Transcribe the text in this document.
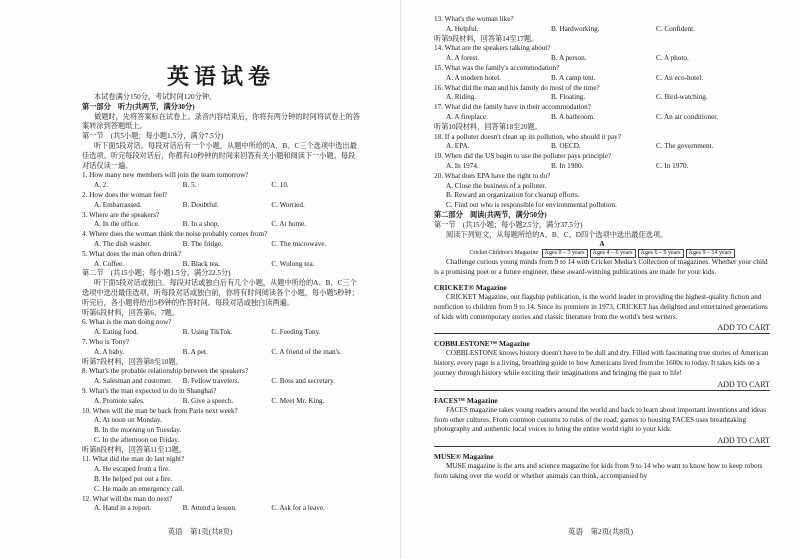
英语试卷

本试卷满分150分，考试时间120分钟。

第一部分　听力(共两节，满分30分)

做题时，先将答案标在试卷上。录音内容结束后，你将有两分钟的时间将试卷上的答案转涂到答题纸上。

第一节　(共5小题；每小题1.5分，满分7.5分)

听下面5段对话。每段对话后有一个小题，从题中所给的A、B、C三个选项中选出最佳选项。听完每段对话后，你都有10秒钟的时间来回答有关小题和阅读下一小题。每段对话仅读一遍。

1. How many new members will join the team tomorrow?

A. 2.	B. 5.	C. 10.

2. How does the woman feel?

A. Embarrassed.	B. Doubtful.	C. Worried.

3. Where are the speakers?

A. In the office.	B. In a shop.	C. At home.

4. Where does the woman think the noise probably comes from?

A. The dish washer.	B. The fridge.	C. The microwave.

5. What does the man often drink?

A. Coffee.	B. Black tea.	C. Wulong tea.

第二节　(共15小题；每小题1.5分，满分22.5分)

听下面5段对话或独白。每段对话或独白后有几个小题，从题中所给的A、B、C三个选项中选出最佳选项。听每段对话或独白前，你将有时间阅读各个小题，每小题5秒钟；听完后，各小题将给出5秒钟的作答时间。每段对话或独白读两遍。

听第6段材料，回答第6、7题。

6. What is the man doing now?

A. Eating food.	B. Using TikTok.	C. Feeding Tony.

7. Who is Tony?

A. A baby.	B. A pet.	C. A friend of the man's.

听第7段材料，回答第8至10题。

8. What's the probable relationship between the speakers?

A. Salesman and customer.	B. Fellow travelers.	C. Boss and secretary.

9. What's the man expected to do in Shanghai?

A. Promote sales.	B. Give a speech.	C. Meet Mr. King.

10. When will the man be back from Paris next week?

A. At noon on Monday.

B. In the morning on Tuesday.

C. In the afternoon on Friday.

听第8段材料，回答第11至13题。

11. What did the man do last night?

A. He escaped from a fire.

B. He helped put out a fire.

C. He made an emergency call.

12. What will the man do next?

A. Hand in a report.	B. Attend a lesson.	C. Ask for a leave.
英语　第1页(共8页)

13. What's the woman like?

A. Helpful.	B. Hardworking.	C. Confident.

听第9段材料，回答第14至17题。

14. What are the speakers talking about?

A. A forest.	B. A person.	C. A photo.

15. What was the family's accommodation?

A. A modern hotel.	B. A camp tent.	C. An eco-hotel.

16. What did the man and his family do most of the time?

A. Riding.	B. Floating.	C. Bird-watching.

17. What did the family have in their accommodation?

A. A fireplace.	B. A bathroom.	C. An air conditioner.

听第10段材料，回答第18至20题。

18. If a polluter doesn't clean up its pollution, who should it pay?

A. EPA.	B. OECD.	C. The government.

19. When did the US begin to use the polluter pays principle?

A. In 1974.	B. In 1980.	C. In 1970.

20. What does EPA have the right to do?

A. Close the business of a polluter.

B. Reward an organization for cleanup efforts.

C. Find out who is responsible for environmental pollution.

第二部分　阅读(共两节，满分50分)

第一节　(共15小题；每小题2.5分，满分37.5分)

阅读下列短文，从每题所给的A、B、C、D四个选项中选出最佳选项。

A
Cricket Children's Magazine Ages 0 – 3 years Ages 4 – 6 years Ages 6 – 9 years Ages 9 – 14 years

Challenge curious young minds from 9 to 14 with Cricket Media's Collection of magazines. Whether your child is a promising poet or a future engineer, these award-winning publications are made for your kids.

CRICKET® Magazine

CRICKET Magazine, our flagship publication, is the world leader in providing the highest-quality fiction and nonfiction to children from 9 to 14. Since its premiere in 1973, CRICKET has delighted and entertained generations of kids with contemporary stories and classic literature from the world's best writers.

ADD TO CART
COBBLESTONE™ Magazine

COBBLESTONE knows history doesn't have to be dull and dry. Filled with fascinating true stories of American history, every page is a living, breathing guide to how Americans lived from the 1600s to today. It takes kids on a journey through history while exciting their imaginations and bringing the past to life!

ADD TO CART
FACES™ Magazine

FACES magazine takes young readers around the world and back to learn about important inventions and ideas from other cultures. From common customs to rules of the road, games to housing FACES uses breathtaking photography and authentic local voices to bring the entire world right to your kids.

ADD TO CART
MUSE® Magazine

MUSE magazine is the arts and science magazine for kids from 9 to 14 who want to know how to keep robots from taking over the world or whether animals can think, accompanied by

英语　第2页(共8页)
